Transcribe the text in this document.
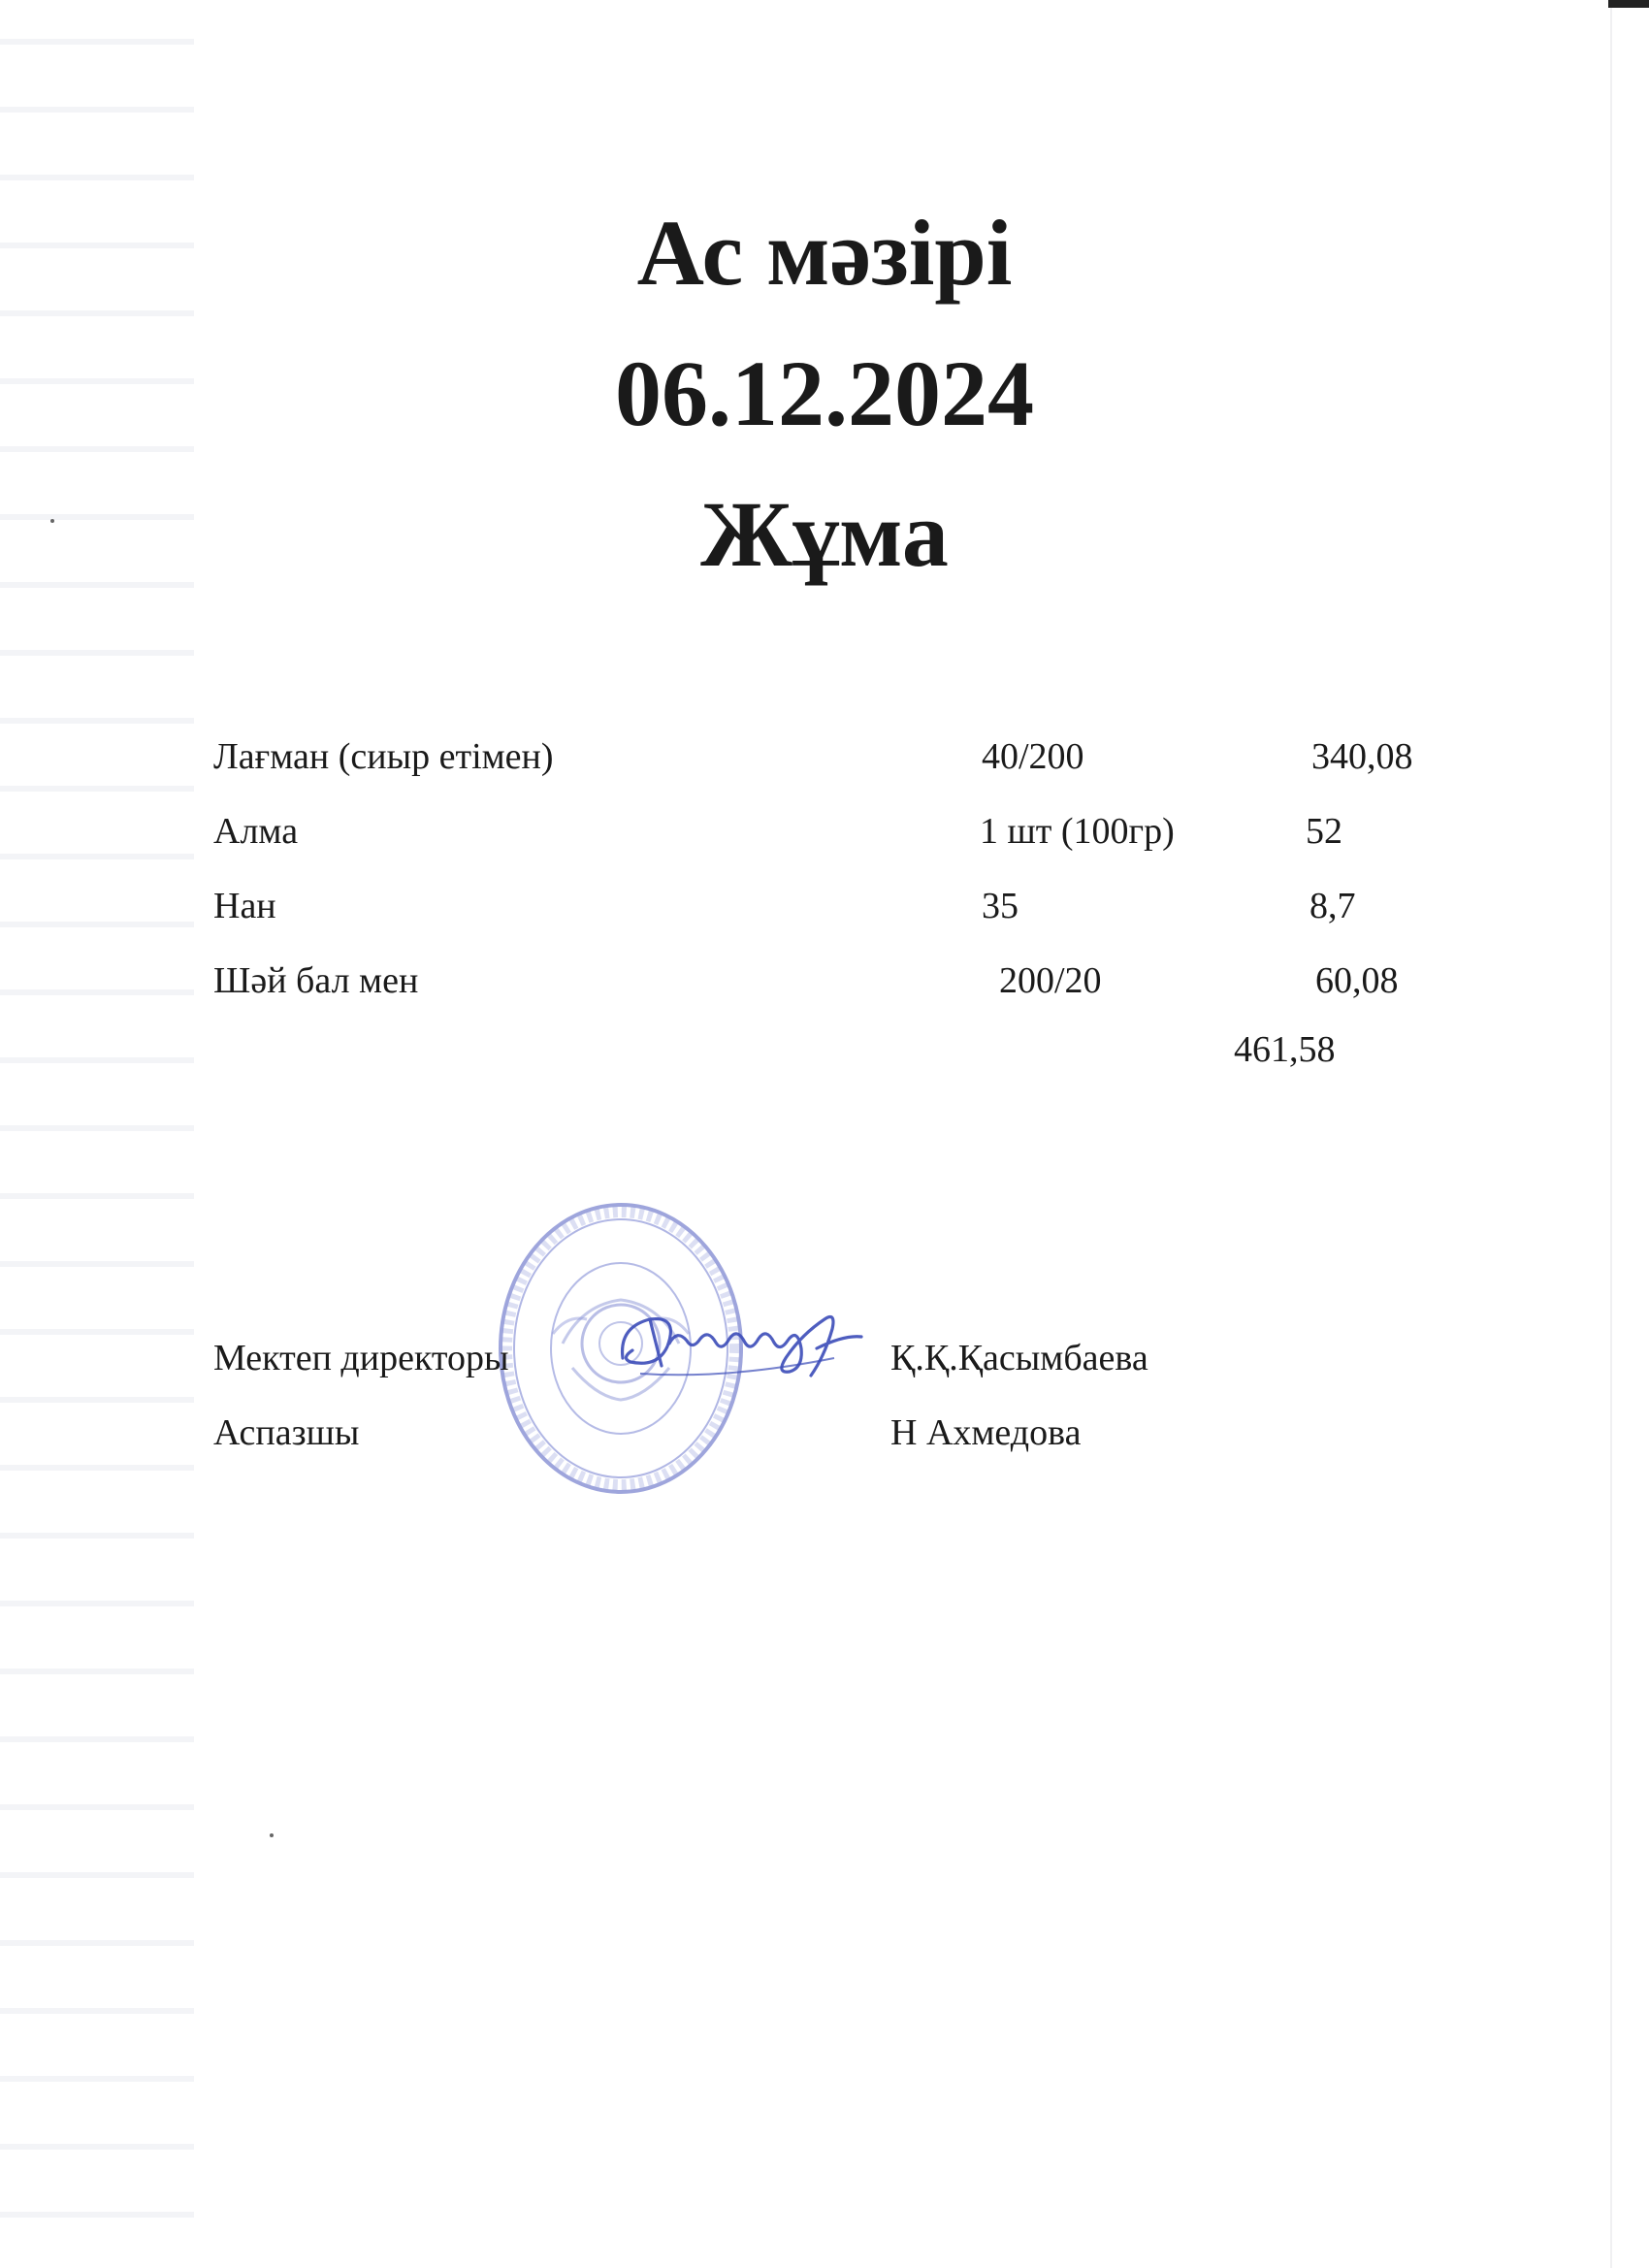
Ас мәзірі
06.12.2024
Жұма
Лағман (сиыр етімен)	40/200	340,08
Алма	1 шт (100гр)	52
Нан	35	8,7
Шәй бал мен	200/20	60,08
461,58
Мектеп директоры	Қ.Қ.Қасымбаева
Аспазшы	Н Ахмедова
